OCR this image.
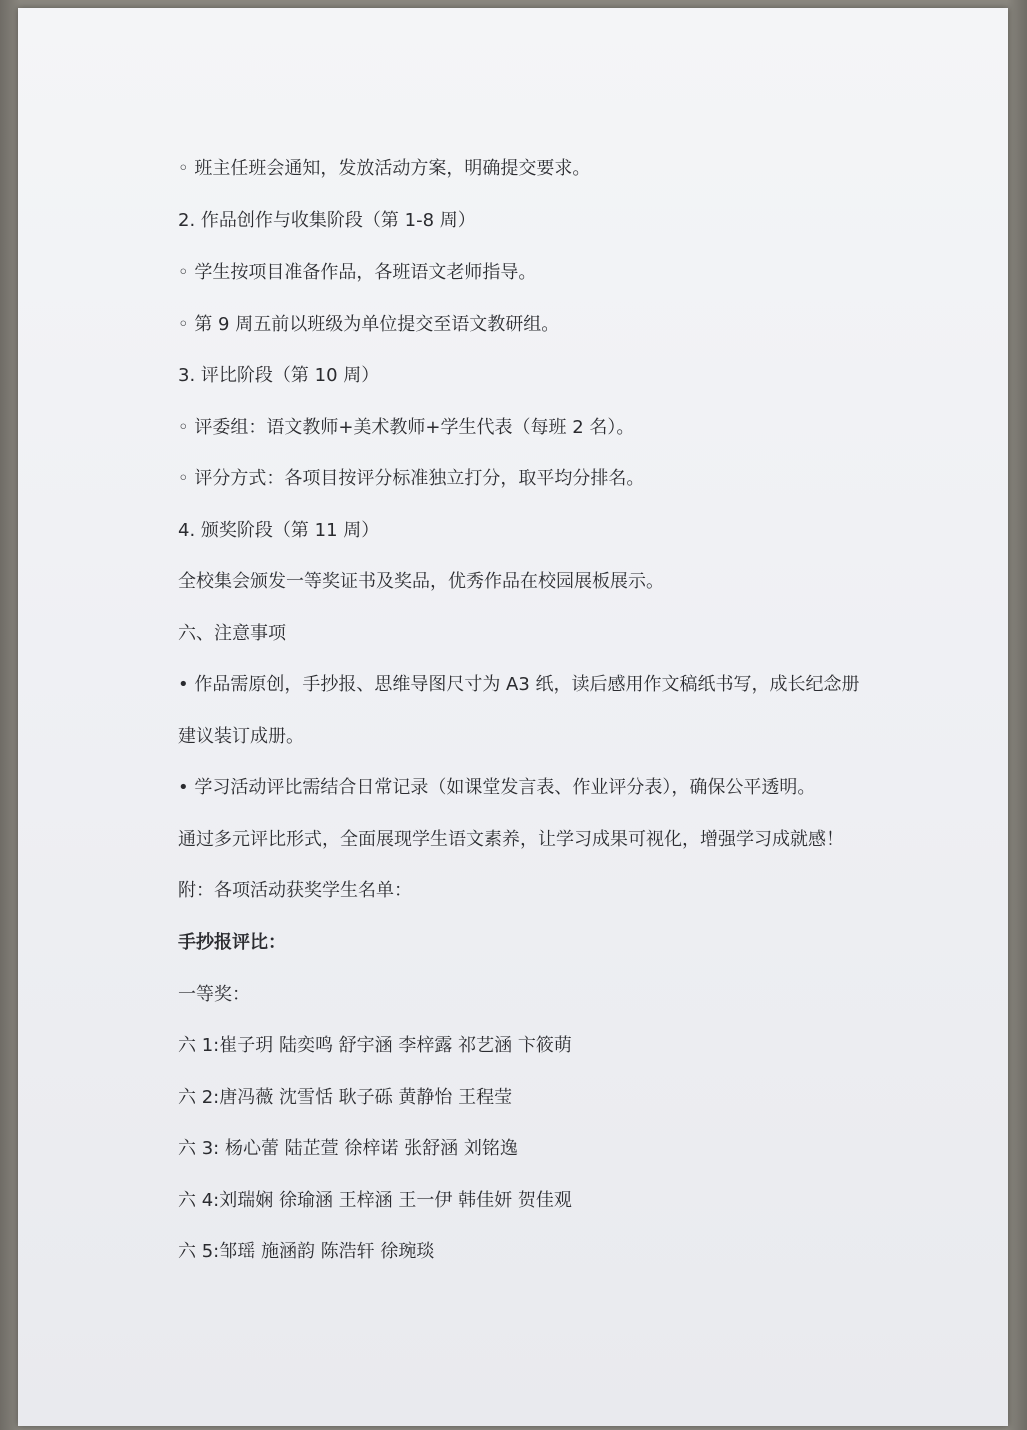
◦ 班主任班会通知，发放活动方案，明确提交要求。
2. 作品创作与收集阶段（第 1-8 周）
◦ 学生按项目准备作品，各班语文老师指导。
◦ 第 9 周五前以班级为单位提交至语文教研组。
3. 评比阶段（第 10 周）
◦ 评委组：语文教师+美术教师+学生代表（每班 2 名）。
◦ 评分方式：各项目按评分标准独立打分，取平均分排名。
4. 颁奖阶段（第 11 周）
全校集会颁发一等奖证书及奖品，优秀作品在校园展板展示。
六、注意事项
• 作品需原创，手抄报、思维导图尺寸为 A3 纸，读后感用作文稿纸书写，成长纪念册
建议装订成册。
• 学习活动评比需结合日常记录（如课堂发言表、作业评分表），确保公平透明。
通过多元评比形式，全面展现学生语文素养，让学习成果可视化，增强学习成就感！
附：各项活动获奖学生名单：
手抄报评比：
一等奖：
六 1:崔子玥 陆奕鸣 舒宇涵 李梓露 祁艺涵 卞筱萌
六 2:唐冯薇 沈雪恬 耿子砾 黄静怡 王程莹
六 3: 杨心蕾 陆芷萱 徐梓诺 张舒涵 刘铭逸
六 4:刘瑞娴 徐瑜涵 王梓涵 王一伊 韩佳妍 贺佳观
六 5:邹瑶 施涵韵 陈浩轩 徐琬琰
